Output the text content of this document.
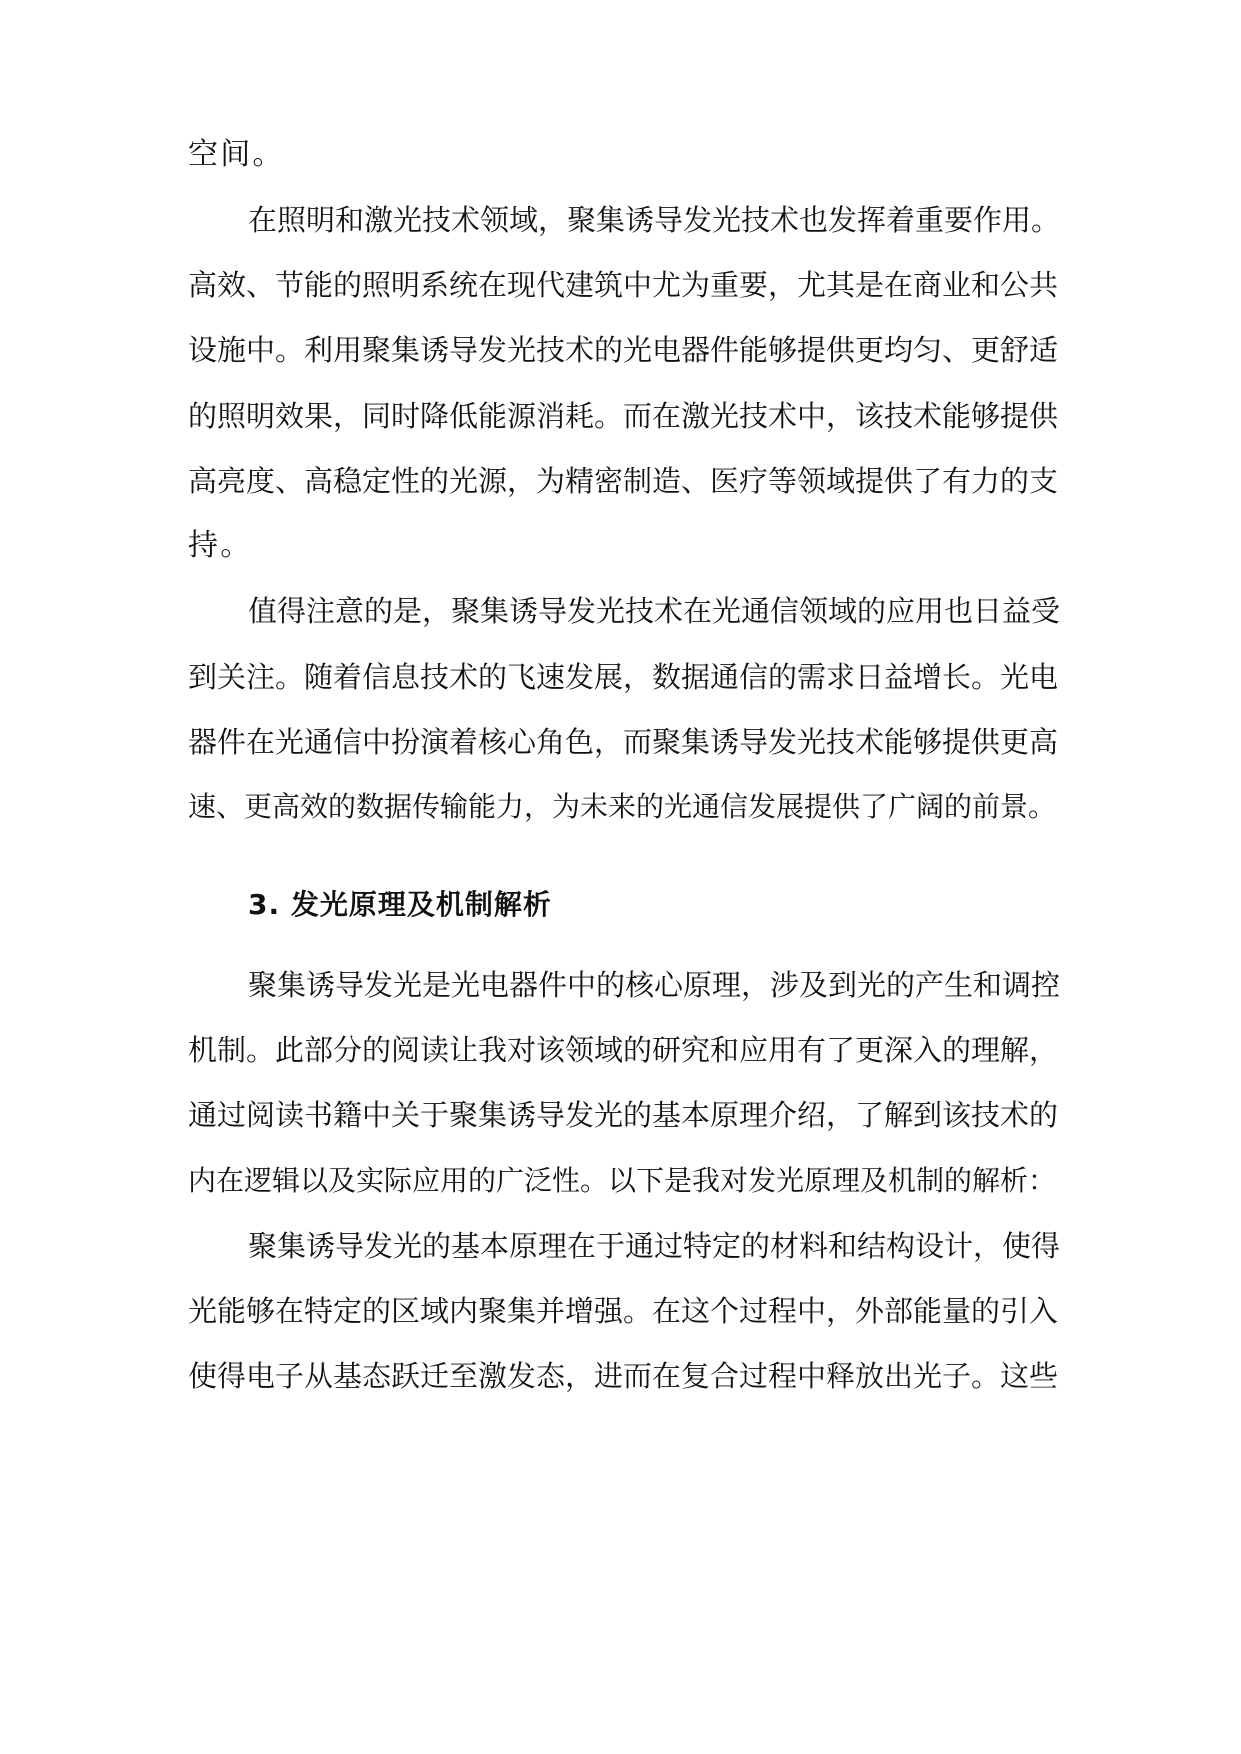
空间。
在照明和激光技术领域，聚集诱导发光技术也发挥着重要作用。
高效、节能的照明系统在现代建筑中尤为重要，尤其是在商业和公共
设施中。利用聚集诱导发光技术的光电器件能够提供更均匀、更舒适
的照明效果，同时降低能源消耗。而在激光技术中，该技术能够提供
高亮度、高稳定性的光源，为精密制造、医疗等领域提供了有力的支
持。
值得注意的是，聚集诱导发光技术在光通信领域的应用也日益受
到关注。随着信息技术的飞速发展，数据通信的需求日益增长。光电
器件在光通信中扮演着核心角色，而聚集诱导发光技术能够提供更高
速、更高效的数据传输能力，为未来的光通信发展提供了广阔的前景。
3. 发光原理及机制解析
聚集诱导发光是光电器件中的核心原理，涉及到光的产生和调控
机制。此部分的阅读让我对该领域的研究和应用有了更深入的理解，
通过阅读书籍中关于聚集诱导发光的基本原理介绍，了解到该技术的
内在逻辑以及实际应用的广泛性。以下是我对发光原理及机制的解析：
聚集诱导发光的基本原理在于通过特定的材料和结构设计，使得
光能够在特定的区域内聚集并增强。在这个过程中，外部能量的引入
使得电子从基态跃迁至激发态，进而在复合过程中释放出光子。这些
